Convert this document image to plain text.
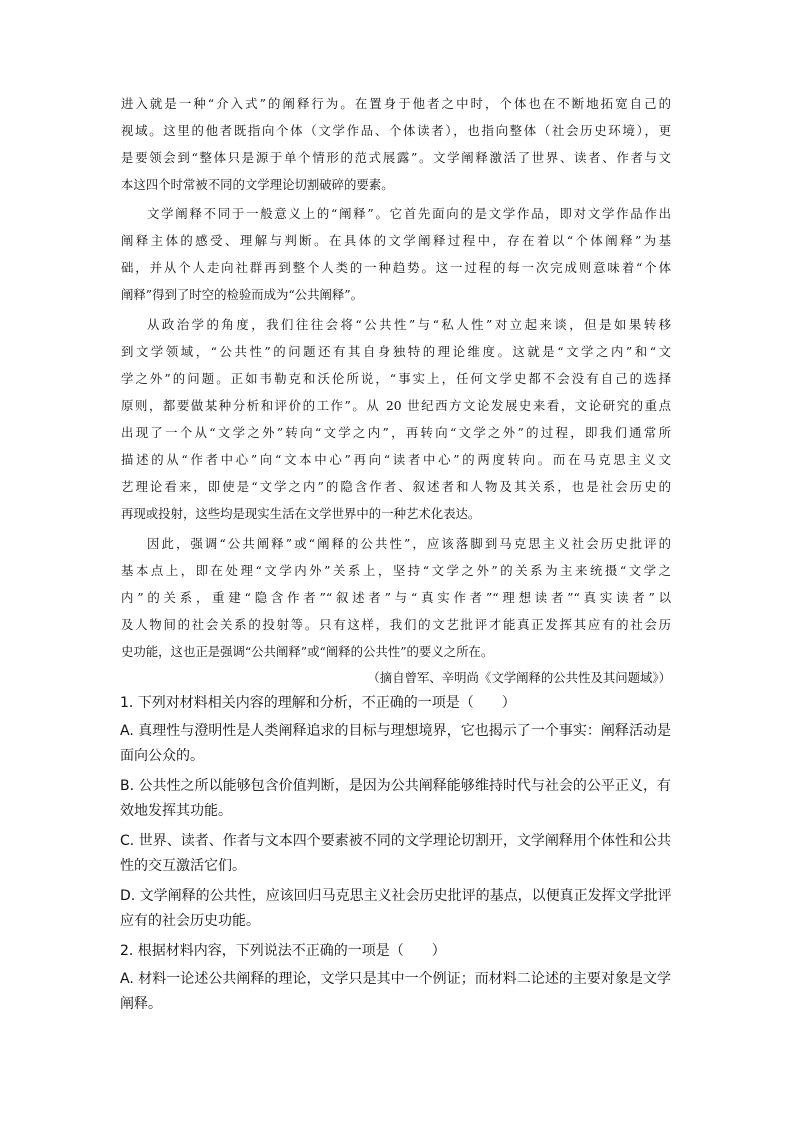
进入就是一种“介入式”的阐释行为。在置身于他者之中时，个体也在不断地拓宽自己的

视域。这里的他者既指向个体（文学作品、个体读者），也指向整体（社会历史环境），更

是要领会到“整体只是源于单个情形的范式展露”。文学阐释激活了世界、读者、作者与文

本这四个时常被不同的文学理论切割破碎的要素。

文学阐释不同于一般意义上的“阐释”。它首先面向的是文学作品，即对文学作品作出

阐释主体的感受、理解与判断。在具体的文学阐释过程中，存在着以“个体阐释”为基

础，并从个人走向社群再到整个人类的一种趋势。这一过程的每一次完成则意味着“个体

阐释”得到了时空的检验而成为“公共阐释”。

从政治学的角度，我们往往会将“公共性”与“私人性”对立起来谈，但是如果转移

到文学领域，“公共性”的问题还有其自身独特的理论维度。这就是“文学之内”和“文

学之外”的问题。正如韦勒克和沃伦所说，“事实上，任何文学史都不会没有自己的选择

原则，都要做某种分析和评价的工作”。从 20 世纪西方文论发展史来看，文论研究的重点

出现了一个从“文学之外”转向“文学之内”，再转向“文学之外”的过程，即我们通常所

描述的从“作者中心”向“文本中心”再向“读者中心”的两度转向。而在马克思主义文

艺理论看来，即使是“文学之内”的隐含作者、叙述者和人物及其关系，也是社会历史的

再现或投射，这些均是现实生活在文学世界中的一种艺术化表达。

因此，强调“公共阐释”或“阐释的公共性”，应该落脚到马克思主义社会历史批评的

基本点上，即在处理“文学内外”关系上，坚持“文学之外”的关系为主来统摄“文学之

内”的关系，重建“隐含作者”“叙述者”与“真实作者”“理想读者”“真实读者”以

及人物间的社会关系的投射等。只有这样，我们的文艺批评才能真正发挥其应有的社会历

史功能，这也正是强调“公共阐释”或“阐释的公共性”的要义之所在。

（摘自曾军、辛明尚《文学阐释的公共性及其问题域》）

1. 下列对材料相关内容的理解和分析，不正确的一项是（　　）

A. 真理性与澄明性是人类阐释追求的目标与理想境界，它也揭示了一个事实：阐释活动是

面向公众的。

B. 公共性之所以能够包含价值判断，是因为公共阐释能够维持时代与社会的公平正义，有

效地发挥其功能。

C. 世界、读者、作者与文本四个要素被不同的文学理论切割开，文学阐释用个体性和公共

性的交互激活它们。

D. 文学阐释的公共性，应该回归马克思主义社会历史批评的基点，以便真正发挥文学批评

应有的社会历史功能。

2. 根据材料内容，下列说法不正确的一项是（　　）

A. 材料一论述公共阐释的理论，文学只是其中一个例证；而材料二论述的主要对象是文学

阐释。
